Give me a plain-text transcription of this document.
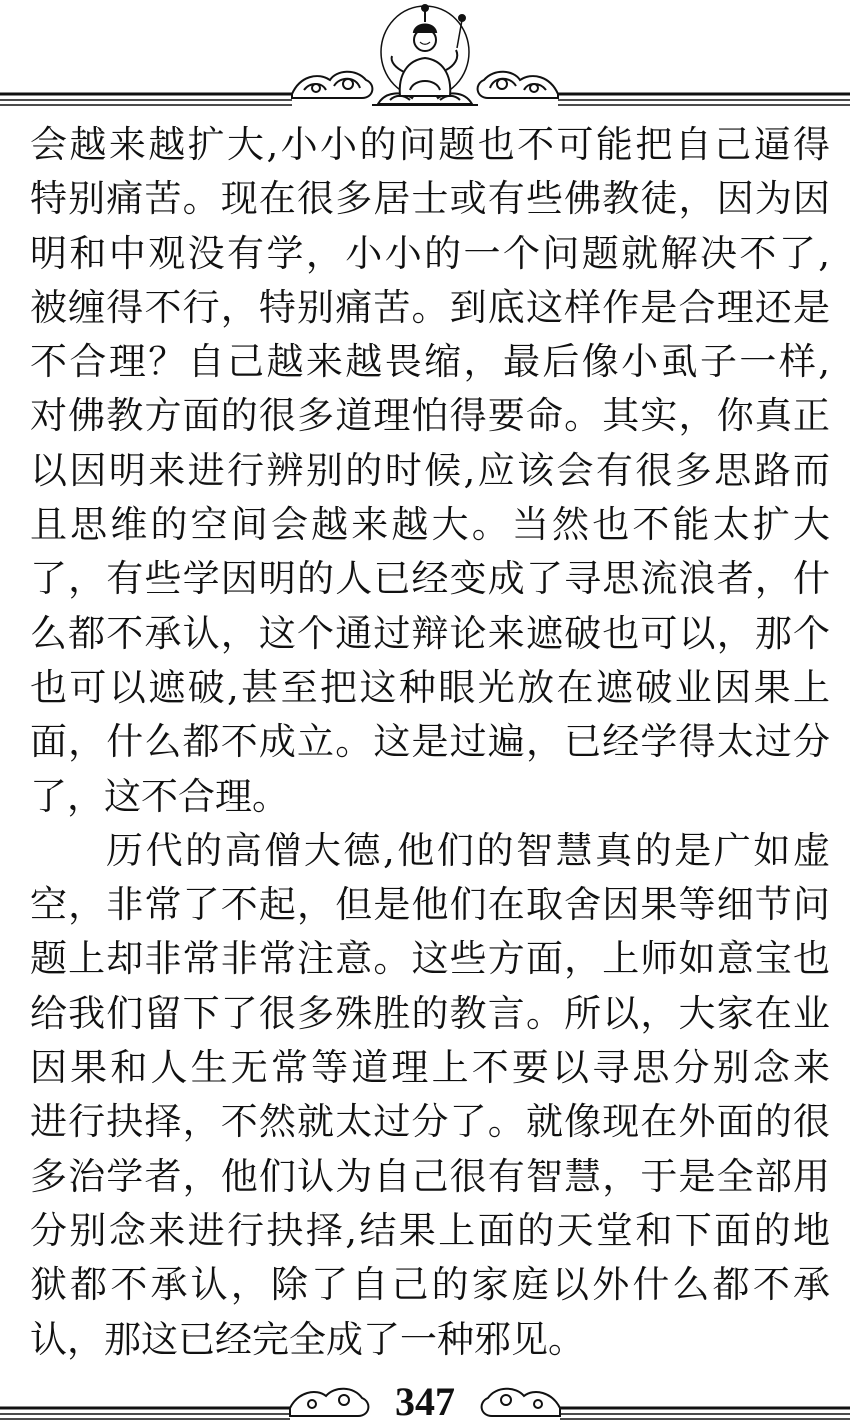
会越来越扩大,小小的问题也不可能把自己逼得
特别痛苦。现在很多居士或有些佛教徒，因为因
明和中观没有学，小小的一个问题就解决不了,
被缠得不行，特别痛苦。到底这样作是合理还是
不合理？自己越来越畏缩，最后像小虱子一样,
对佛教方面的很多道理怕得要命。其实，你真正
以因明来进行辨别的时候,应该会有很多思路而
且思维的空间会越来越大。当然也不能太扩大
了，有些学因明的人已经变成了寻思流浪者，什
么都不承认，这个通过辩论来遮破也可以，那个
也可以遮破,甚至把这种眼光放在遮破业因果上
面，什么都不成立。这是过遍，已经学得太过分
了，这不合理。
历代的高僧大德,他们的智慧真的是广如虚
空，非常了不起，但是他们在取舍因果等细节问
题上却非常非常注意。这些方面，上师如意宝也
给我们留下了很多殊胜的教言。所以，大家在业
因果和人生无常等道理上不要以寻思分别念来
进行抉择，不然就太过分了。就像现在外面的很
多治学者，他们认为自己很有智慧，于是全部用
分别念来进行抉择,结果上面的天堂和下面的地
狱都不承认，除了自己的家庭以外什么都不承
认，那这已经完全成了一种邪见。
347
